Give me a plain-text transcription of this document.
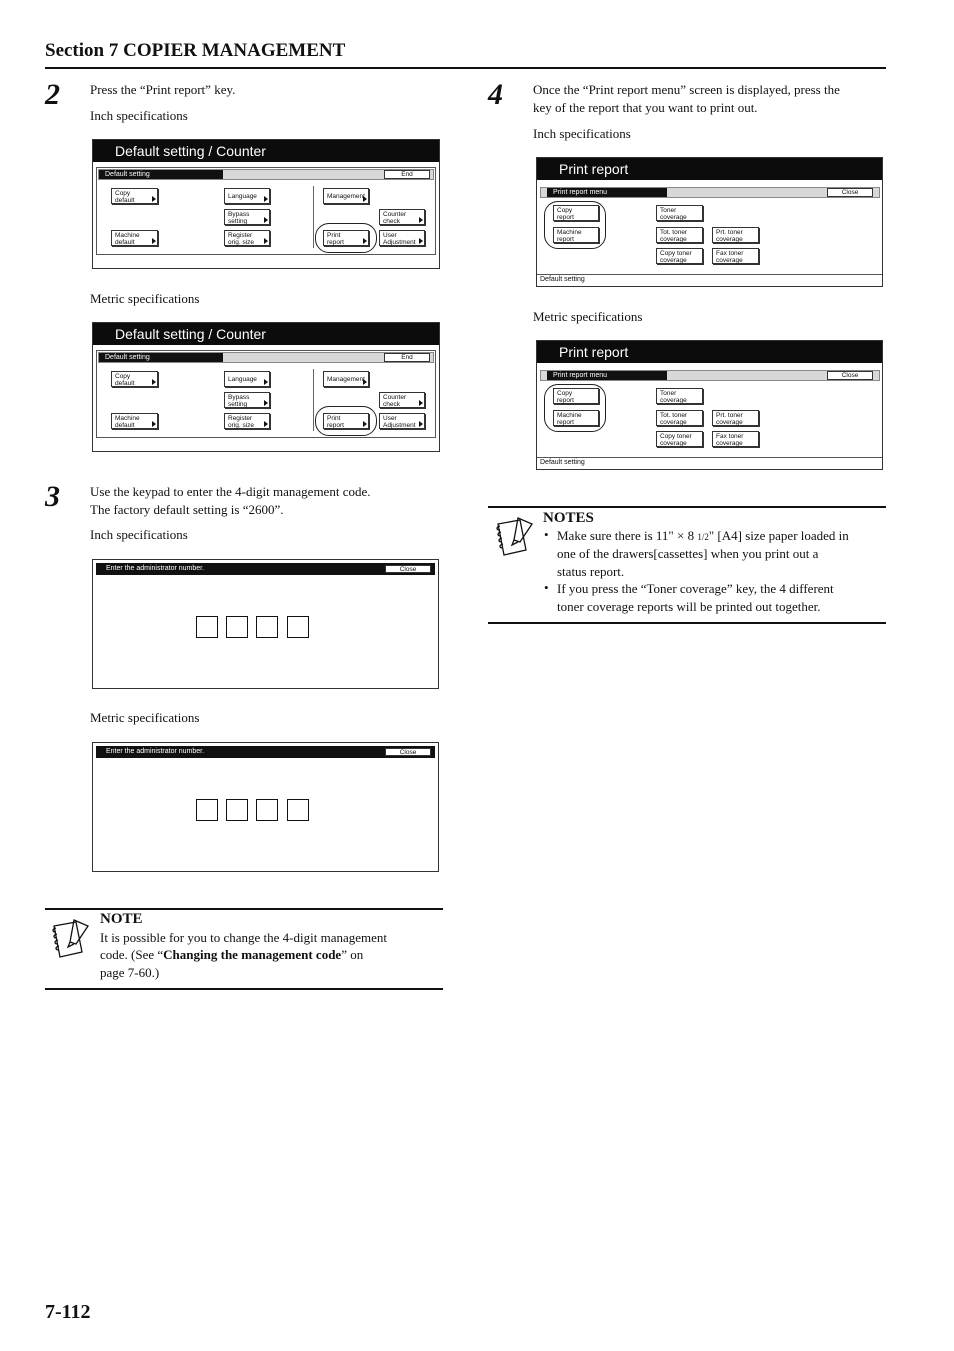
Section 7 COPIER MANAGEMENT
2 Press the “Print report” key.
Inch specifications
Default setting / Counter
Default setting	End
Copy
default
Machine
default
Language
Bypass
setting
Register
orig. size
Management
Print
report
Counter
check
User
Adjustment
Metric specifications
Default setting / Counter
Default setting	End
Copy
default
Machine
default
Language
Bypass
setting
Register
orig. size
Management
Print
report
Counter
check
User
Adjustment
3 Use the keypad to enter the 4-digit management code.
The factory default setting is “2600”.
Inch specifications
Enter the administrator number.	Close
Metric specifications
Enter the administrator number.	Close
NOTE
It is possible for you to change the 4-digit management
code. (See “Changing the management code” on
page 7-60.)
4 Once the “Print report menu” screen is displayed, press the
key of the report that you want to print out.
Inch specifications
Print report
Print report menu	Close
Copy
report
Machine
report
Toner
coverage
Tot. toner
coverage
Prt. toner
coverage
Copy toner
coverage
Fax toner
coverage
Default setting
Metric specifications
Print report
Print report menu	Close
Copy
report
Machine
report
Toner
coverage
Tot. toner
coverage
Prt. toner
coverage
Copy toner
coverage
Fax toner
coverage
Default setting
NOTES
• Make sure there is 11" × 8 1/2" [A4] size paper loaded in
one of the drawers[cassettes] when you print out a
status report.
• If you press the “Toner coverage” key, the 4 different
toner coverage reports will be printed out together.
7-112
